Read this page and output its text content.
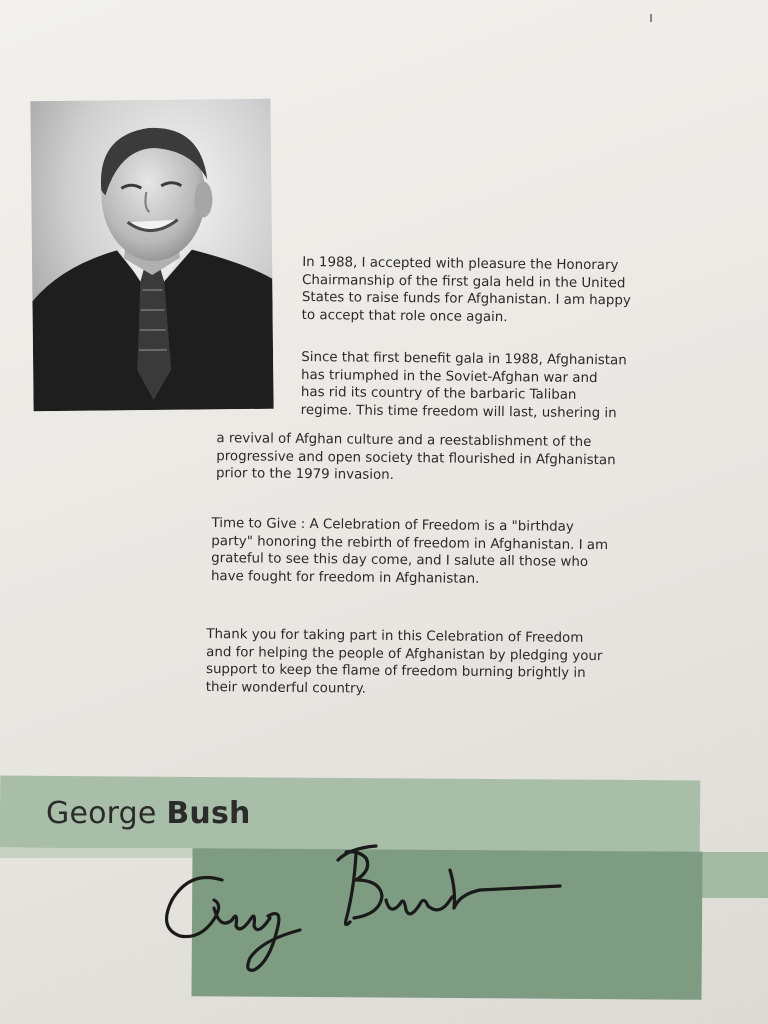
In 1988, I accepted with pleasure the Honorary
Chairmanship of the first gala held in the United
States to raise funds for Afghanistan. I am happy
to accept that role once again.

Since that first benefit gala in 1988, Afghanistan
has triumphed in the Soviet-Afghan war and
has rid its country of the barbaric Taliban
regime. This time freedom will last, ushering in

a revival of Afghan culture and a reestablishment of the
progressive and open society that flourished in Afghanistan
prior to the 1979 invasion.

Time to Give : A Celebration of Freedom is a "birthday
party" honoring the rebirth of freedom in Afghanistan. I am
grateful to see this day come, and I salute all those who
have fought for freedom in Afghanistan.

Thank you for taking part in this Celebration of Freedom
and for helping the people of Afghanistan by pledging your
support to keep the flame of freedom burning brightly in
their wonderful country.

George Bush
